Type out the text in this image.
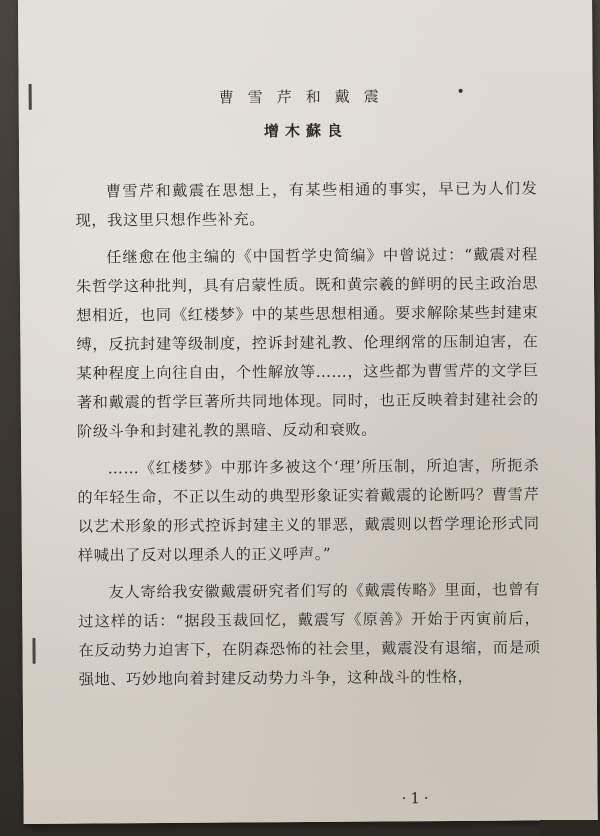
曹雪芹和戴震
增木蘇良

曹雪芹和戴震在思想上，有某些相通的事实，早已为人们发现，我这里只想作些补充。

任继愈在他主编的《中国哲学史简编》中曾说过：“戴震对程朱哲学这种批判，具有启蒙性质。既和黄宗羲的鲜明的民主政治思想相近，也同《红楼梦》中的某些思想相通。要求解除某些封建束缚，反抗封建等级制度，控诉封建礼教、伦理纲常的压制迫害，在某种程度上向往自由，个性解放等……，这些都为曹雪芹的文学巨著和戴震的哲学巨著所共同地体现。同时，也正反映着封建社会的阶级斗争和封建礼教的黑暗、反动和衰败。

……《红楼梦》中那许多被这个‘理’所压制，所迫害，所扼杀的年轻生命，不正以生动的典型形象证实着戴震的论断吗？曹雪芹以艺术形象的形式控诉封建主义的罪恶，戴震则以哲学理论形式同样喊出了反对以理杀人的正义呼声。”

友人寄给我安徽戴震研究者们写的《戴震传略》里面，也曾有过这样的话：“据段玉裁回忆，戴震写《原善》开始于丙寅前后，在反动势力迫害下，在阴森恐怖的社会里，戴震没有退缩，而是顽强地、巧妙地向着封建反动势力斗争，这种战斗的性格，

·1·
